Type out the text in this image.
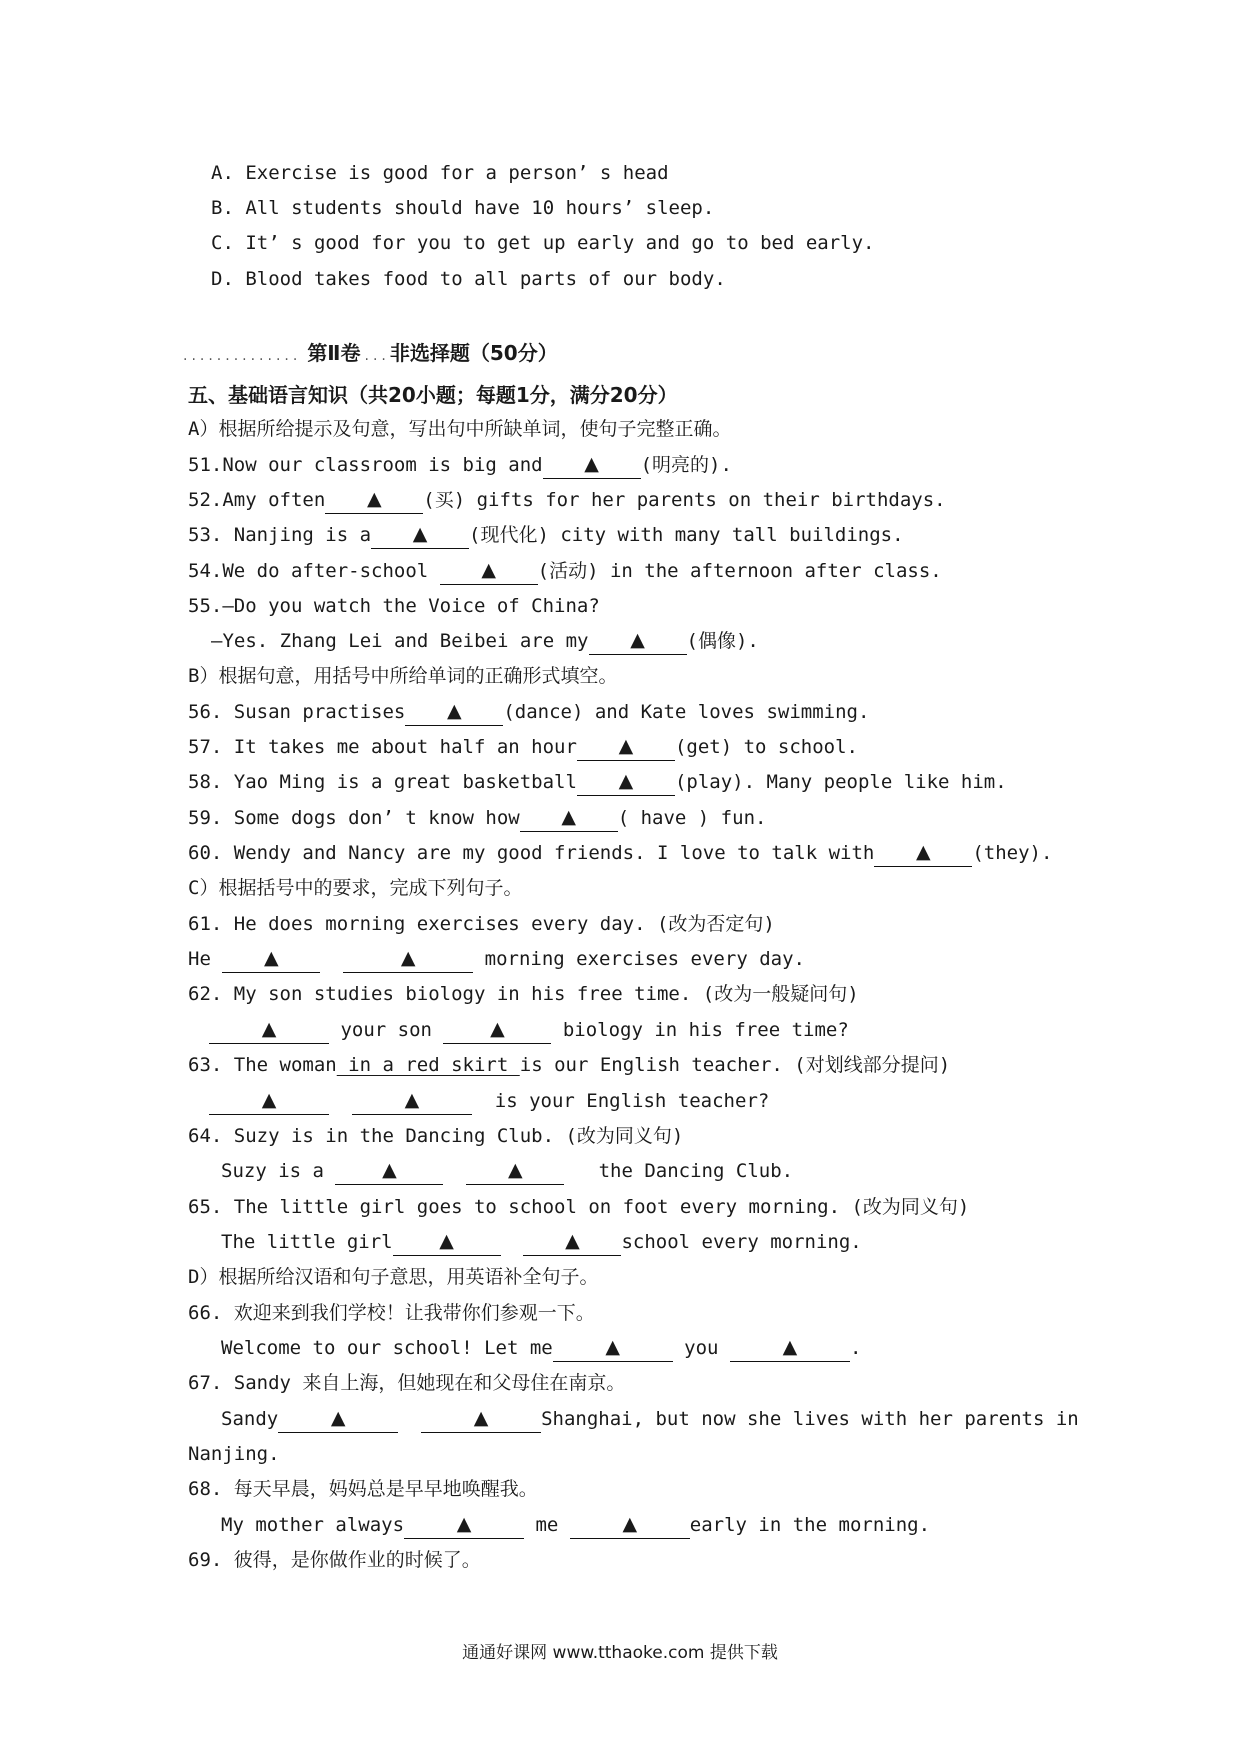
A. Exercise is good for a person’ s head
B. All students should have 10 hours’ sleep.
C. It’ s good for you to get up early and go to bed early.
D. Blood takes food to all parts of our body.
.............. 第Ⅱ卷 ...非选择题（50分）
五、基础语言知识（共20小题；每题1分，满分20分）
A）根据所给提示及句意，写出句中所缺单词，使句子完整正确。
51.Now our classroom is big and ▲ (明亮的).
52.Amy often ▲ (买) gifts for her parents on their birthdays.
53. Nanjing is a ▲ (现代化) city with many tall buildings.
54.We do after-school ▲ (活动) in the afternoon after class.
55.—Do you watch the Voice of China?
—Yes. Zhang Lei and Beibei are my ▲ (偶像).
B）根据句意，用括号中所给单词的正确形式填空。
56. Susan practises ▲ (dance) and Kate loves swimming.
57. It takes me about half an hour ▲ (get) to school.
58. Yao Ming is a great basketball ▲ (play). Many people like him.
59. Some dogs don’ t know how ▲ ( have ) fun.
60. Wendy and Nancy are my good friends. I love to talk with ▲ (they).
C）根据括号中的要求，完成下列句子。
61. He does morning exercises every day. (改为否定句)
He ▲	▲	morning exercises every day.
62. My son studies biology in his free time. (改为一般疑问句)
▲	your son ▲ biology in his free time?
63. The woman in a red skirt is our English teacher. (对划线部分提问)
▲	▲	is your English teacher?
64. Suzy is in the Dancing Club. (改为同义句)
Suzy is a ▲	▲	the Dancing Club.
65. The little girl goes to school on foot every morning. (改为同义句)
The little girl ▲	▲ school every morning.
D）根据所给汉语和句子意思，用英语补全句子。
66. 欢迎来到我们学校！让我带你们参观一下。
Welcome to our school! Let me	▲	you	▲	.
67. Sandy 来自上海，但她现在和父母住在南京。
Sandy	▲	▲	Shanghai, but now she lives with her parents in
Nanjing.
68. 每天早晨，妈妈总是早早地唤醒我。
My mother always	▲	me	▲	early in the morning.
69. 彼得，是你做作业的时候了。
通通好课网 www.tthaoke.com 提供下载
